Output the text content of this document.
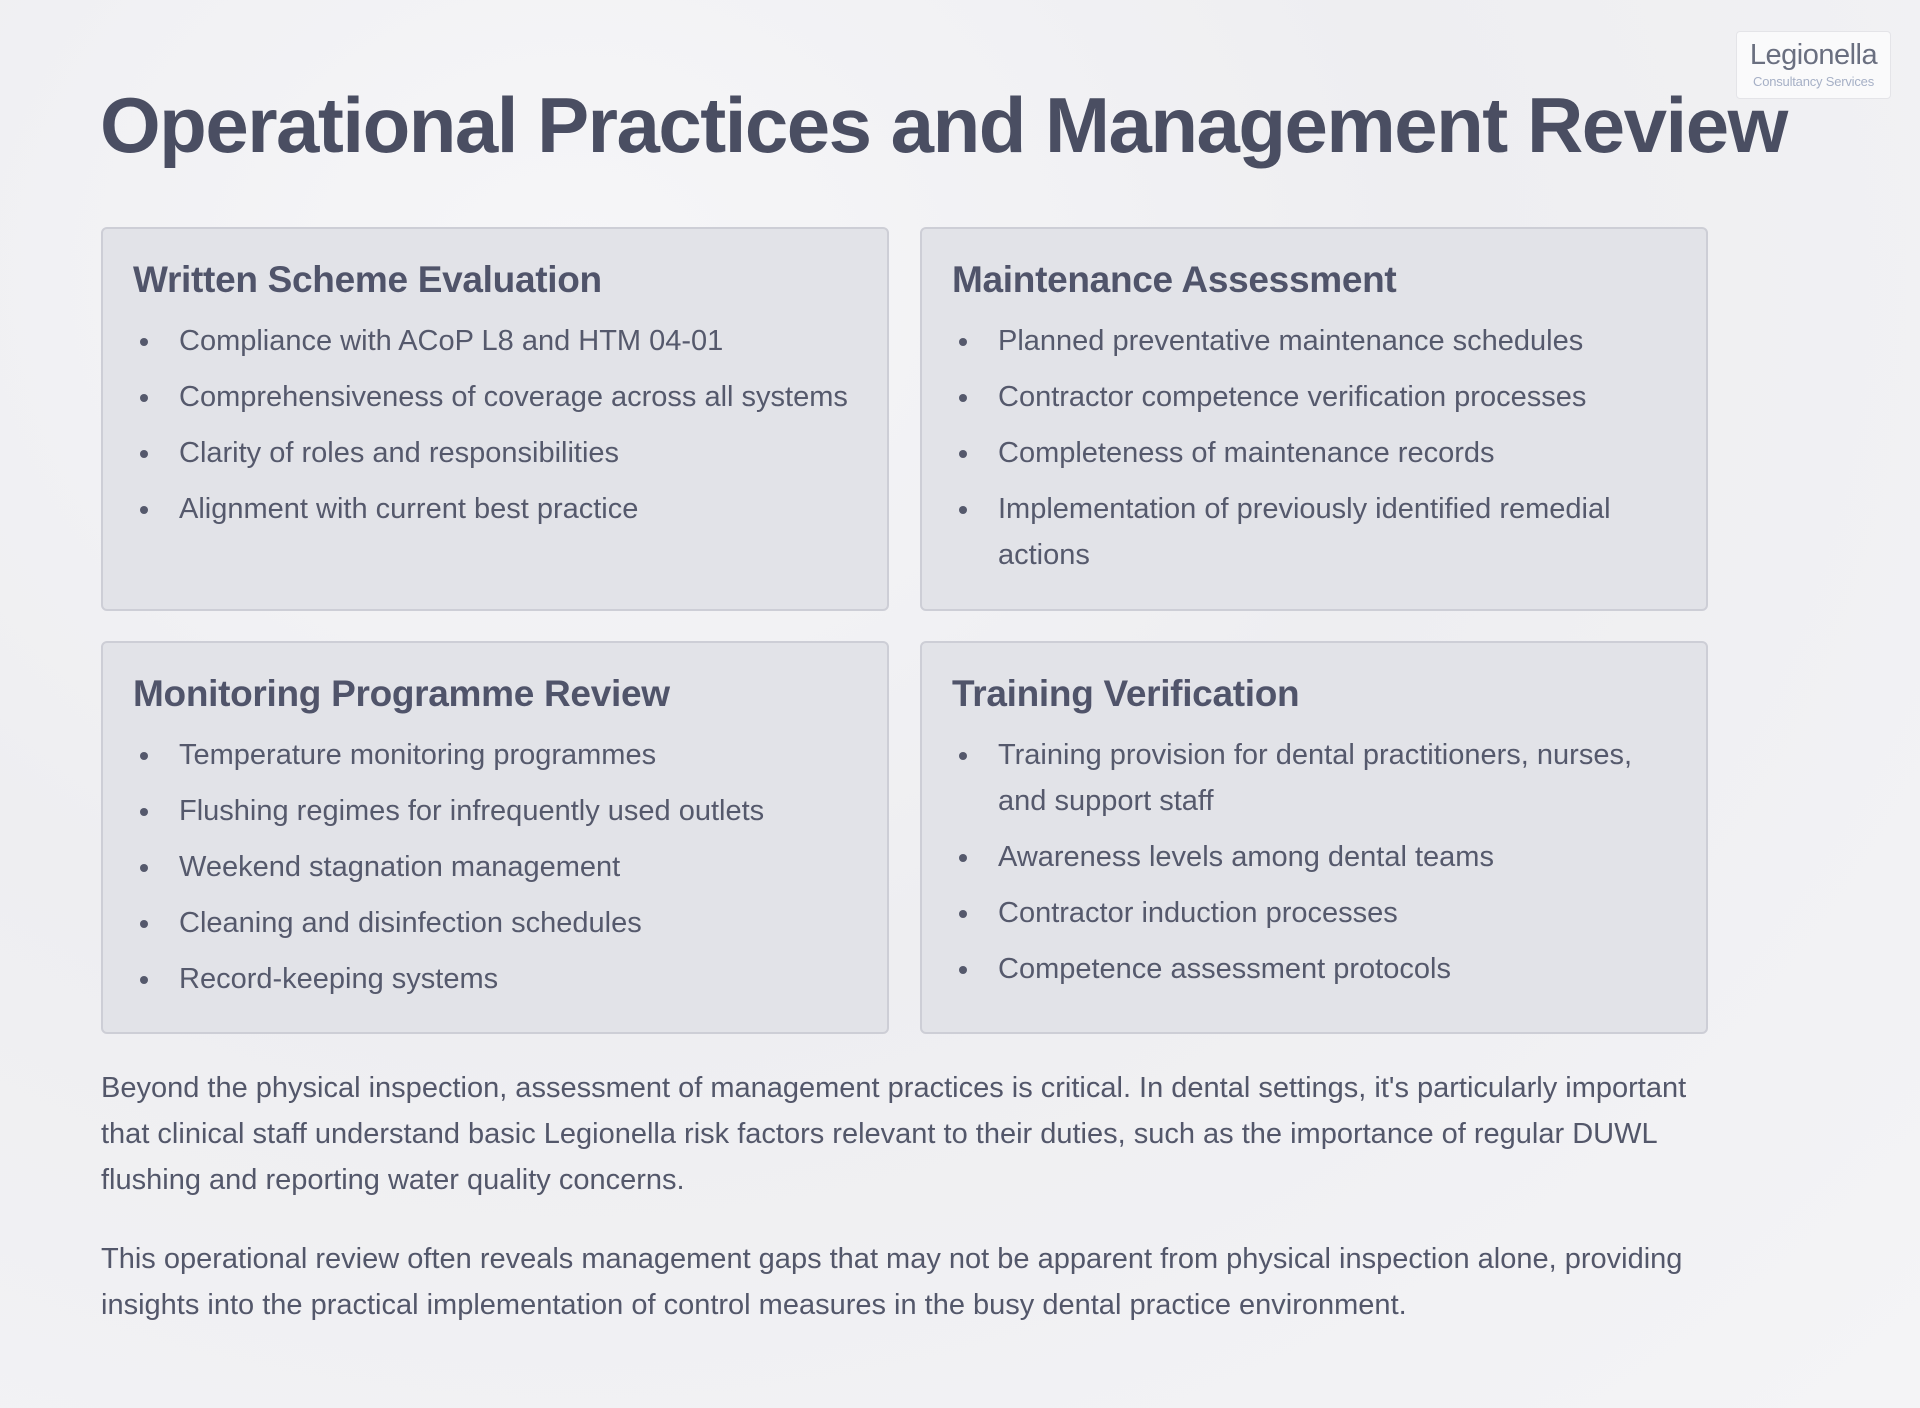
Legionella
Consultancy Services
Operational Practices and Management Review
Written Scheme Evaluation
Compliance with ACoP L8 and HTM 04-01
Comprehensiveness of coverage across all systems
Clarity of roles and responsibilities
Alignment with current best practice
Maintenance Assessment
Planned preventative maintenance schedules
Contractor competence verification processes
Completeness of maintenance records
Implementation of previously identified remedial actions
Monitoring Programme Review
Temperature monitoring programmes
Flushing regimes for infrequently used outlets
Weekend stagnation management
Cleaning and disinfection schedules
Record-keeping systems
Training Verification
Training provision for dental practitioners, nurses, and support staff
Awareness levels among dental teams
Contractor induction processes
Competence assessment protocols

Beyond the physical inspection, assessment of management practices is critical. In dental settings, it's particularly important that clinical staff understand basic Legionella risk factors relevant to their duties, such as the importance of regular DUWL flushing and reporting water quality concerns.

This operational review often reveals management gaps that may not be apparent from physical inspection alone, providing insights into the practical implementation of control measures in the busy dental practice environment.
